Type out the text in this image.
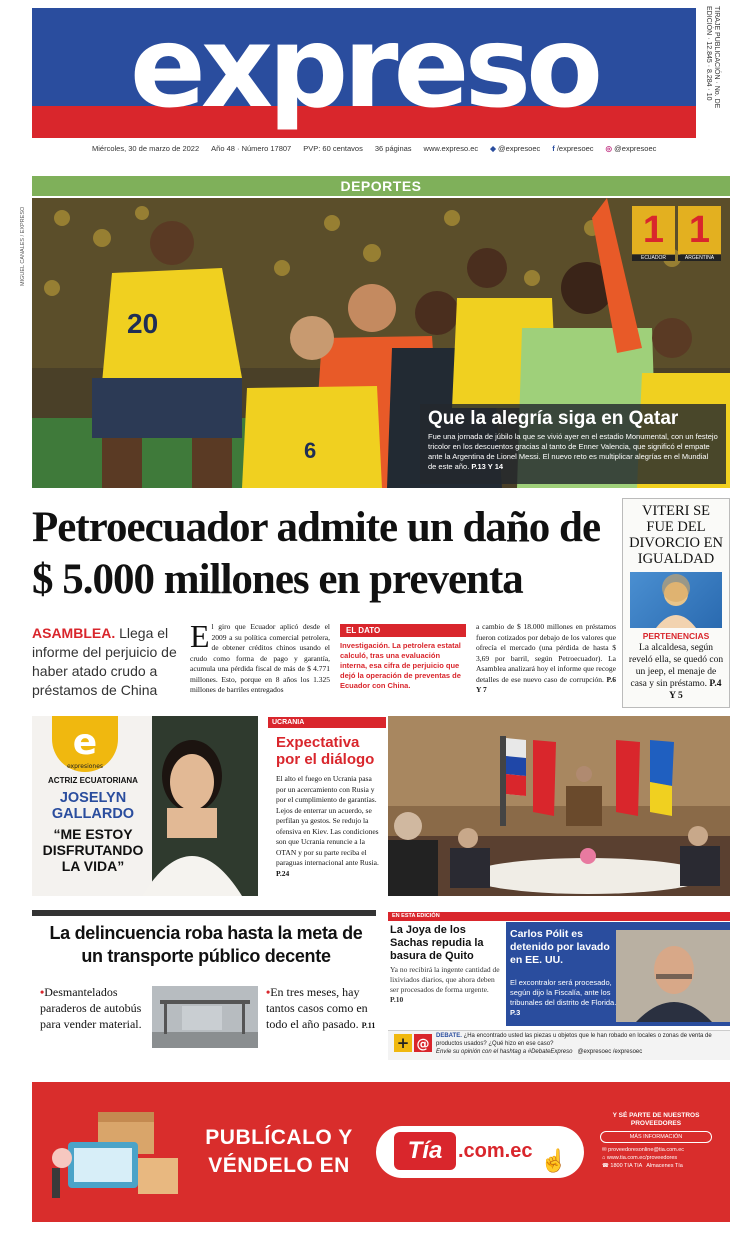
expreso	TIRAJE PUBLICACIÓN · No. DE EDICIÓN · 12.845 · 8.284 · 10
Miércoles, 30 de marzo de 2022 Año 48 · Número 17807 PVP: 60 centavos 36 páginas www.expreso.ec ◆ @expresoec f /expresoec ◎ @expresoec
DEPORTES
MIGUEL CANALES / EXPRESO
20
6
1 1
ECUADOR	ARGENTINA
Que la alegría siga en Qatar
Fue una jornada de júbilo la que se vivió ayer en el estadio Monumental, con un festejo tricolor en los descuentos gracias al tanto de Enner Valencia, que significó el empate ante la Argentina de Lionel Messi. El nuevo reto es multiplicar alegrías en el Mundial de este año. P.13 Y 14
Petroecuador admite un daño de $ 5.000 millones en preventa
ASAMBLEA. Llega el informe del perjuicio de haber atado crudo a préstamos de China
El giro que Ecuador aplicó desde el 2009 a su política comercial petrolera, de obtener créditos chinos usando el crudo como forma de pago y garantía, acumula una pérdida fiscal de más de $ 4.771 millones. Esto, porque en 8 años los 1.325 millones de barriles entregados
EL DATO
Investigación. La petrolera estatal calculó, tras una evaluación interna, esa cifra de perjuicio que dejó la operación de preventas de Ecuador con China.
a cambio de $ 18.000 millones en préstamos fueron cotizados por debajo de los valores que ofrecía el mercado (una pérdida de hasta $ 3,69 por barril, según Petroecuador). La Asamblea analizará hoy el informe que recoge detalles de ese nuevo caso de corrupción. P.6 Y 7
VITERI SE FUE DEL DIVORCIO EN IGUALDAD
PERTENENCIAS
La alcaldesa, según reveló ella, se quedó con un jeep, el menaje de casa y sin préstamo. P.4 Y 5
e
expresiones
ACTRIZ ECUATORIANA
JOSELYN GALLARDO
“ME ESTOY DISFRUTANDO LA VIDA”
UCRANIA
Expectativa por el diálogo
El alto el fuego en Ucrania pasa por un acercamiento con Rusia y por el cumplimiento de garantías. Lejos de enterrar un acuerdo, se perfilan ya gestos. Se redujo la ofensiva en Kiev. Las condiciones son que Ucrania renuncie a la OTAN y por su parte reciba el paraguas internacional ante Rusia. P.24
La delincuencia roba hasta la meta de un transporte público decente
•Desmantelados paraderos de autobús para vender material.
•En tres meses, hay tantos casos como en todo el año pasado. P.11
EN ESTA EDICIÓN
La Joya de los Sachas repudia la basura de Quito
Ya no recibirá la ingente cantidad de lixiviados diarios, que ahora deben ser procesados de forma urgente. P.10
Carlos Pólit es detenido por lavado en EE. UU.
El excontralor será procesado, según dijo la Fiscalía, ante los tribunales del distrito de Florida. P.3
+ @
DEBATE. ¿Ha encontrado usted las piezas u objetos que le han robado en locales o zonas de venta de productos usados? ¿Qué hizo en ese caso?
Envíe su opinión con el hashtag a #DebateExpreso @expresoec /expresoec
PUBLÍCALO Y
VÉNDELO EN
Tía .com.ec ☝
Y SÉ PARTE DE NUESTROS PROVEEDORES
MÁS INFORMACIÓN
✉ proveedoresonline@tia.com.ec
⌂ www.tia.com.ec/proveedores
☎ 1800 TIA TIA Almacenes Tía
